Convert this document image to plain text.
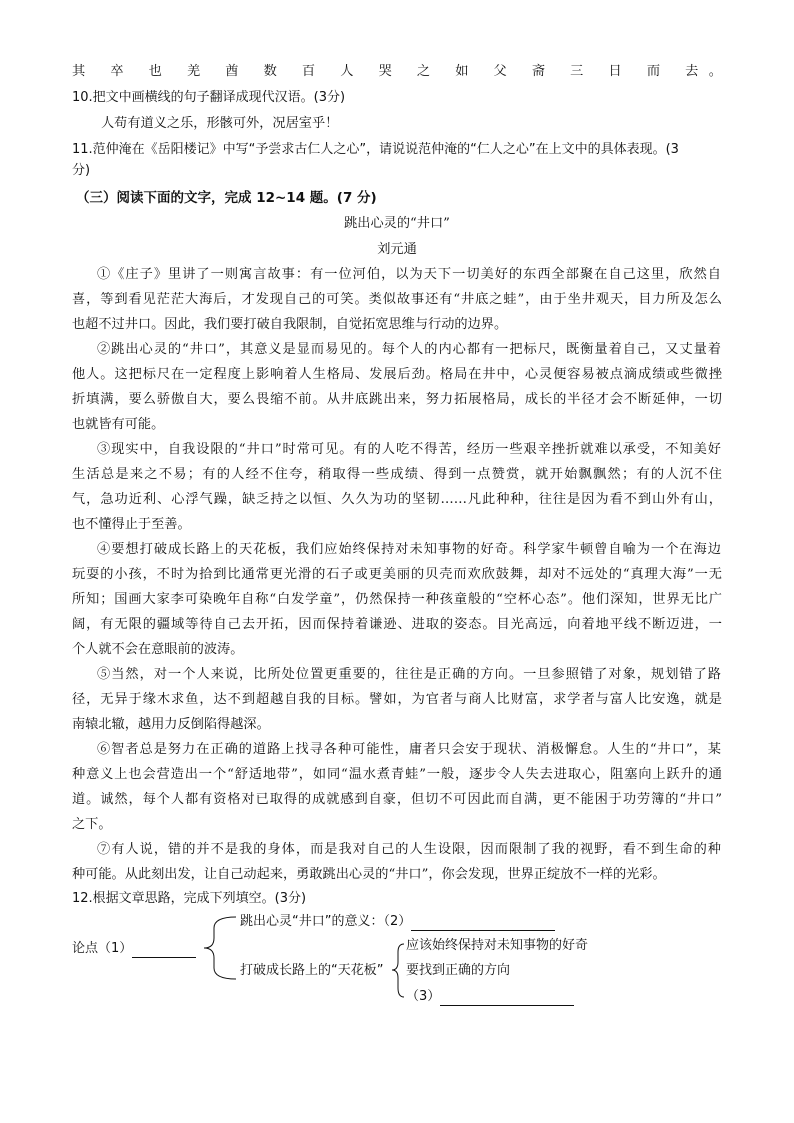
其 卒 也 羌 酋 数 百 人 哭 之 如 父 斋 三 日 而 去。
10.把文中画横线的句子翻译成现代汉语。(3分)
人苟有道义之乐，形骸可外，况居室乎！
11.范仲淹在《岳阳楼记》中写“予尝求古仁人之心”，请说说范仲淹的“仁人之心”在上文中的具体表现。(3
分)
（三）阅读下面的文字，完成 12~14 题。(7 分)
跳出心灵的“井口”
刘元通
①《庄子》里讲了一则寓言故事：有一位河伯，以为天下一切美好的东西全部聚在自己这里，欣然自
喜，等到看见茫茫大海后，才发现自己的可笑。类似故事还有“井底之蛙”，由于坐井观天，目力所及怎么
也超不过井口。因此，我们要打破自我限制，自觉拓宽思维与行动的边界。
②跳出心灵的“井口”，其意义是显而易见的。每个人的内心都有一把标尺，既衡量着自己，又丈量着
他人。这把标尺在一定程度上影响着人生格局、发展后劲。格局在井中，心灵便容易被点滴成绩或些微挫
折填满，要么骄傲自大，要么畏缩不前。从井底跳出来，努力拓展格局，成长的半径才会不断延伸，一切
也就皆有可能。
③现实中，自我设限的“井口”时常可见。有的人吃不得苦，经历一些艰辛挫折就难以承受，不知美好
生活总是来之不易；有的人经不住夸，稍取得一些成绩、得到一点赞赏，就开始飘飘然；有的人沉不住
气，急功近利、心浮气躁，缺乏持之以恒、久久为功的坚韧……凡此种种，往往是因为看不到山外有山，
也不懂得止于至善。
④要想打破成长路上的天花板，我们应始终保持对未知事物的好奇。科学家牛顿曾自喻为一个在海边
玩耍的小孩，不时为拾到比通常更光滑的石子或更美丽的贝壳而欢欣鼓舞，却对不远处的“真理大海”一无
所知；国画大家李可染晚年自称“白发学童”，仍然保持一种孩童般的“空杯心态”。他们深知，世界无比广
阔，有无限的疆域等待自己去开拓，因而保持着谦逊、进取的姿态。目光高远，向着地平线不断迈进，一
个人就不会在意眼前的波涛。
⑤当然，对一个人来说，比所处位置更重要的，往往是正确的方向。一旦参照错了对象，规划错了路
径，无异于缘木求鱼，达不到超越自我的目标。譬如，为官者与商人比财富，求学者与富人比安逸，就是
南辕北辙，越用力反倒陷得越深。
⑥智者总是努力在正确的道路上找寻各种可能性，庸者只会安于现状、消极懈怠。人生的“井口”，某
种意义上也会营造出一个“舒适地带”，如同“温水煮青蛙”一般，逐步令人失去进取心，阻塞向上跃升的通
道。诚然，每个人都有资格对已取得的成就感到自豪，但切不可因此而自满，更不能困于功劳簿的“井口”
之下。
⑦有人说，错的并不是我的身体，而是我对自己的人生设限，因而限制了我的视野，看不到生命的种
种可能。从此刻出发，让自己动起来，勇敢跳出心灵的“井口”，你会发现，世界正绽放不一样的光彩。
12.根据文章思路，完成下列填空。(3分)
论点（1）
跳出心灵“井口”的意义：（2）
打破成长路上的“天花板”
应该始终保持对未知事物的好奇
要找到正确的方向
（3）
